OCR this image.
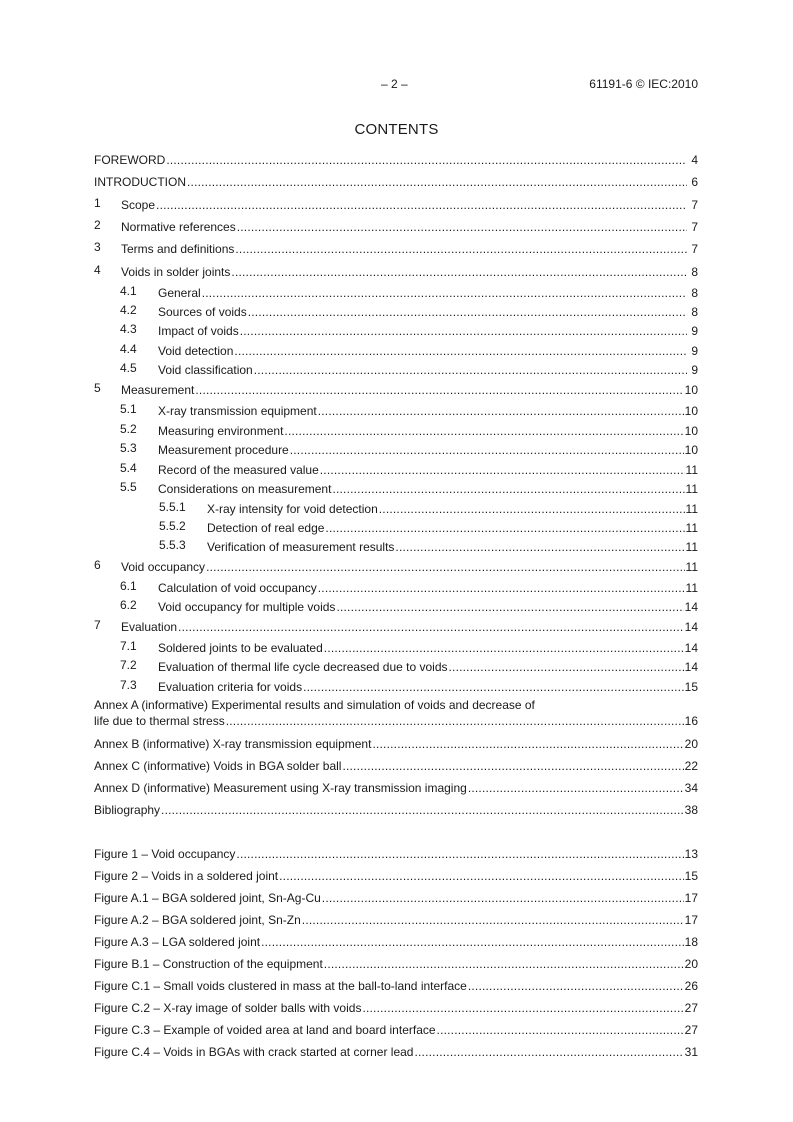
– 2 –	61191-6 © IEC:2010
CONTENTS
Annex A (informative) Experimental results and simulation of voids and decrease of
life due to thermal stress .....	16
FOREWORD .....	4
INTRODUCTION .....	6
1 Scope .....	7
2 Normative references .....	7
3 Terms and definitions .....	7
4 Voids in solder joints .....	8
4.1 General .....	8
4.2 Sources of voids .....	8
4.3 Impact of voids .....	9
4.4 Void detection .....	9
4.5 Void classification .....	9
5 Measurement .....	10
5.1 X-ray transmission equipment .....	10
5.2 Measuring environment .....	10
5.3 Measurement procedure .....	10
5.4 Record of the measured value .....	11
5.5 Considerations on measurement .....	11
5.5.1 X-ray intensity for void detection .....	11
5.5.2 Detection of real edge .....	11
5.5.3 Verification of measurement results .....	11
6 Void occupancy .....	11
6.1 Calculation of void occupancy .....	11
6.2 Void occupancy for multiple voids .....	14
7 Evaluation .....	14
7.1 Soldered joints to be evaluated .....	14
7.2 Evaluation of thermal life cycle decreased due to voids .....	14
7.3 Evaluation criteria for voids .....	15
Annex B (informative) X-ray transmission equipment .....	20
Annex C (informative) Voids in BGA solder ball .....	22
Annex D (informative) Measurement using X-ray transmission imaging .....	34
Bibliography .....	38
Figure 1 – Void occupancy .....	13
Figure 2 – Voids in a soldered joint .....	15
Figure A.1 – BGA soldered joint, Sn-Ag-Cu .....	17
Figure A.2 – BGA soldered joint, Sn-Zn .....	17
Figure A.3 – LGA soldered joint .....	18
Figure B.1 – Construction of the equipment .....	20
Figure C.1 – Small voids clustered in mass at the ball-to-land interface .....	26
Figure C.2 – X-ray image of solder balls with voids .....	27
Figure C.3 – Example of voided area at land and board interface .....	27
Figure C.4 – Voids in BGAs with crack started at corner lead .....	31
